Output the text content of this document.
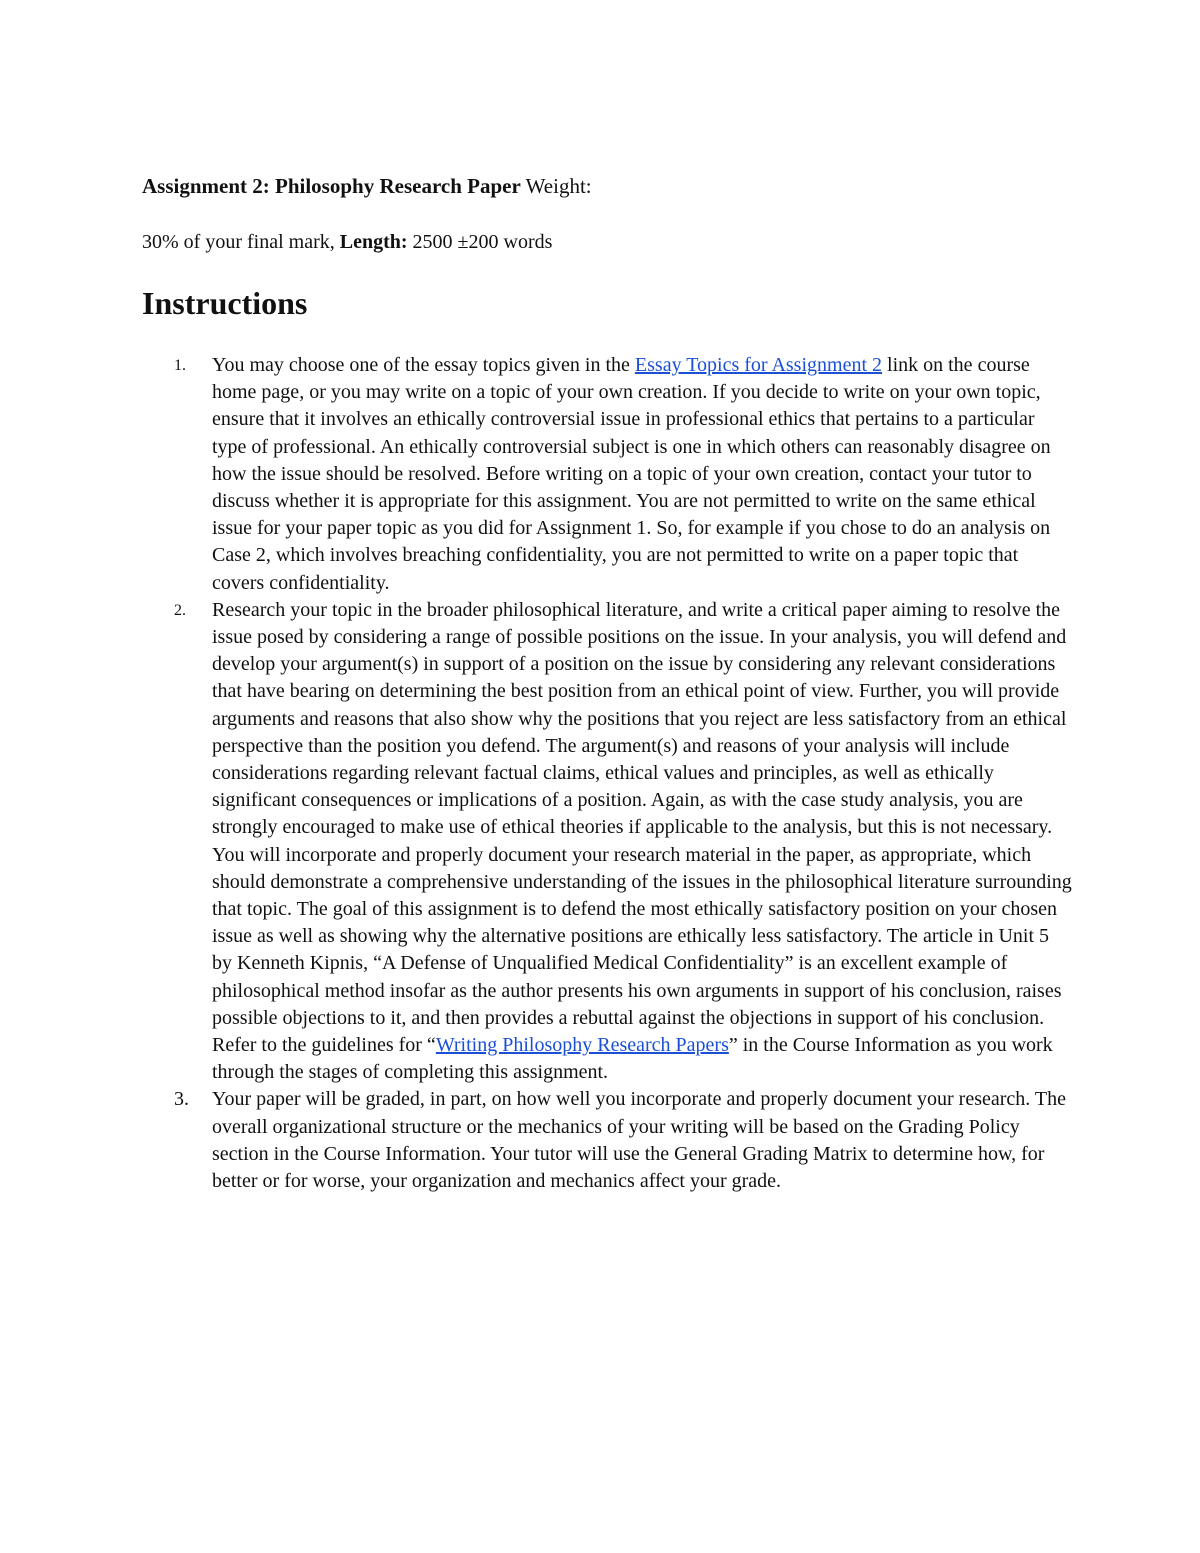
Assignment 2: Philosophy Research Paper Weight:
30% of your final mark, Length: 2500 ±200 words
Instructions
1.	You may choose one of the essay topics given in the Essay Topics for Assignment 2 link on the course home page, or you may write on a topic of your own creation. If you decide to write on your own topic, ensure that it involves an ethically controversial issue in professional ethics that pertains to a particular type of professional. An ethically controversial subject is one in which others can reasonably disagree on how the issue should be resolved. Before writing on a topic of your own creation, contact your tutor to discuss whether it is appropriate for this assignment. You are not permitted to write on the same ethical issue for your paper topic as you did for Assignment 1. So, for example if you chose to do an analysis on Case 2, which involves breaching confidentiality, you are not permitted to write on a paper topic that covers confidentiality.
2.	Research your topic in the broader philosophical literature, and write a critical paper aiming to resolve the issue posed by considering a range of possible positions on the issue. In your analysis, you will defend and develop your argument(s) in support of a position on the issue by considering any relevant considerations that have bearing on determining the best position from an ethical point of view. Further, you will provide arguments and reasons that also show why the positions that you reject are less satisfactory from an ethical perspective than the position you defend. The argument(s) and reasons of your analysis will include considerations regarding relevant factual claims, ethical values and principles, as well as ethically significant consequences or implications of a position. Again, as with the case study analysis, you are strongly encouraged to make use of ethical theories if applicable to the analysis, but this is not necessary. You will incorporate and properly document your research material in the paper, as appropriate, which should demonstrate a comprehensive understanding of the issues in the philosophical literature surrounding that topic. The goal of this assignment is to defend the most ethically satisfactory position on your chosen issue as well as showing why the alternative positions are ethically less satisfactory. The article in Unit 5 by Kenneth Kipnis, “A Defense of Unqualified Medical Confidentiality” is an excellent example of philosophical method insofar as the author presents his own arguments in support of his conclusion, raises possible objections to it, and then provides a rebuttal against the objections in support of his conclusion. Refer to the guidelines for “Writing Philosophy Research Papers” in the Course Information as you work through the stages of completing this assignment.
3.	Your paper will be graded, in part, on how well you incorporate and properly document your research. The overall organizational structure or the mechanics of your writing will be based on the Grading Policy section in the Course Information. Your tutor will use the General Grading Matrix to determine how, for better or for worse, your organization and mechanics affect your grade.
